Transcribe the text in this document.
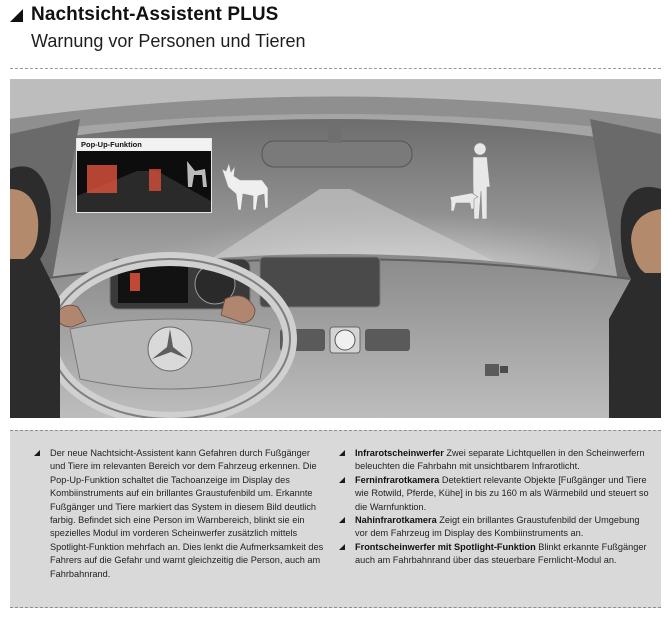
Nachtsicht-Assistent PLUS
Warnung vor Personen und Tieren
Pop-Up-Funktion
Der neue Nachtsicht-Assistent kann Gefahren durch Fußgänger und Tiere im relevanten Bereich vor dem Fahrzeug erkennen. Die Pop-Up-Funktion schaltet die Tachoanzeige im Display des Kombiinstruments auf ein brillantes Graustufenbild um. Erkannte Fußgänger und Tiere markiert das System in diesem Bild deutlich farbig. Befindet sich eine Person im Warnbereich, blinkt sie ein spezielles Modul im vorderen Scheinwerfer zusätzlich mittels Spotlight-Funktion mehrfach an. Dies lenkt die Aufmerksamkeit des Fahrers auf die Gefahr und warnt gleichzeitig die Person, auch am Fahrbahnrand.
Infrarotscheinwerfer Zwei separate Lichtquellen in den Scheinwerfern beleuchten die Fahrbahn mit unsichtbarem Infrarotlicht.
Ferninfrarotkamera Detektiert relevante Objekte [Fußgänger und Tiere wie Rotwild, Pferde, Kühe] in bis zu 160 m als Wärmebild und steuert so die Warnfunktion.
Nahinfrarotkamera Zeigt ein brillantes Graustufenbild der Umgebung vor dem Fahrzeug im Display des Kombiinstruments an.
Frontscheinwerfer mit Spotlight-Funktion Blinkt erkannte Fußgänger auch am Fahrbahnrand über das steuerbare Fernlicht-Modul an.
